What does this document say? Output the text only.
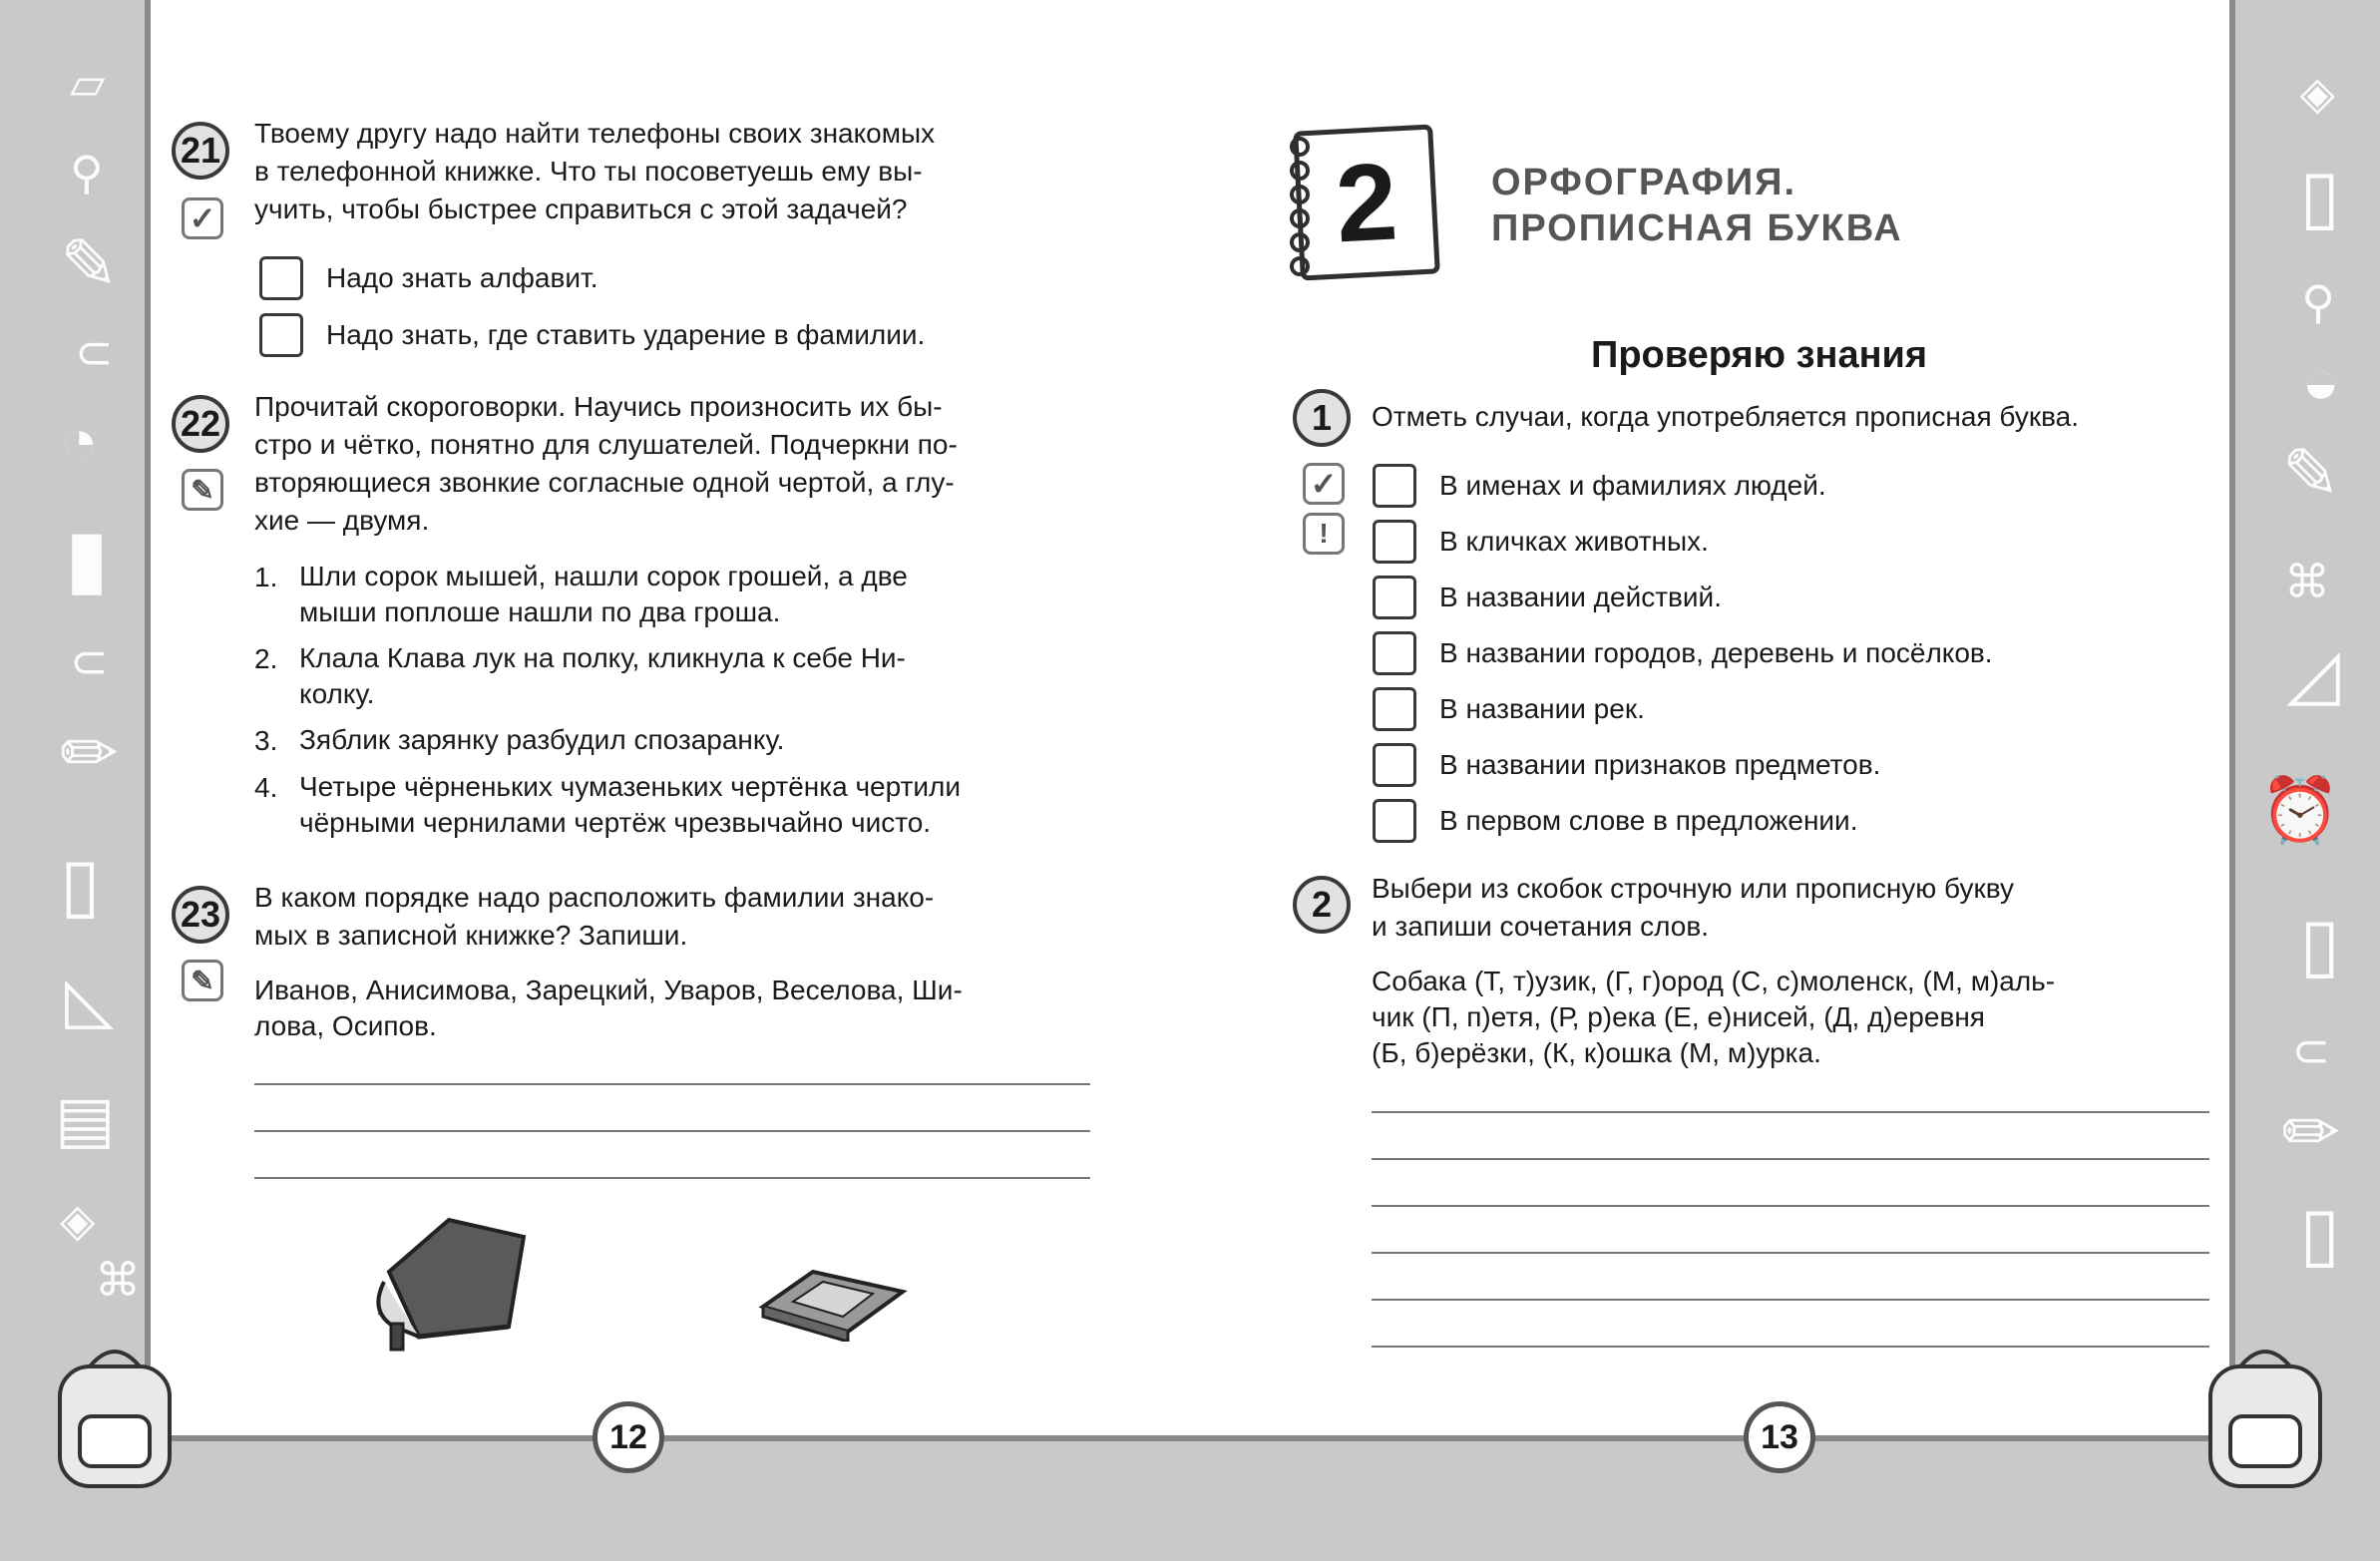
▱
⚲
✎
⊂
◔
▮
⊂
✏
▯
◺
▤
◈
⌘
◈
▯
⚲
◒
✎
⌘
◿
⏰
▯
⊂
✏
▯
21
✓
Твоему другу надо найти телефоны своих знакомых
в телефонной книжке. Что ты посоветуешь ему вы-
учить, чтобы быстрее справиться с этой задачей?
Надо знать алфавит.
Надо знать, где ставить ударение в фамилии.
22
✎
Прочитай скороговорки. Научись произносить их бы-
стро и чётко, понятно для слушателей. Подчеркни по-
вторяющиеся звонкие согласные одной чертой, а глу-
хие — двумя.
1. Шли сорок мышей, нашли сорок грошей, а две
мыши поплоше нашли по два гроша.
2. Клала Клава лук на полку, кликнула к себе Ни-
колку.
3. Зяблик зарянку разбудил спозаранку.
4. Четыре чёрненьких чумазеньких чертёнка чертили
чёрными чернилами чертёж чрезвычайно чисто.
23
✎
В каком порядке надо расположить фамилии знако-
мых в записной книжке? Запиши.
Иванов, Анисимова, Зарецкий, Уваров, Веселова, Ши-
лова, Осипов.
12
2	ОРФОГРАФИЯ.
ПРОПИСНАЯ БУКВА
Проверяю знания
1	Отметь случаи, когда употребляется прописная буква.
✓
!
В именах и фамилиях людей.
В кличках животных.
В названии действий.
В названии городов, деревень и посёлков.
В названии рек.
В названии признаков предметов.
В первом слове в предложении.
2	Выбери из скобок строчную или прописную букву
и запиши сочетания слов.
Собака (Т, т)узик, (Г, г)ород (С, с)моленск, (М, м)аль-
чик (П, п)етя, (Р, р)ека (Е, е)нисей, (Д, д)еревня
(Б, б)ерёзки, (К, к)ошка (М, м)урка.
13
